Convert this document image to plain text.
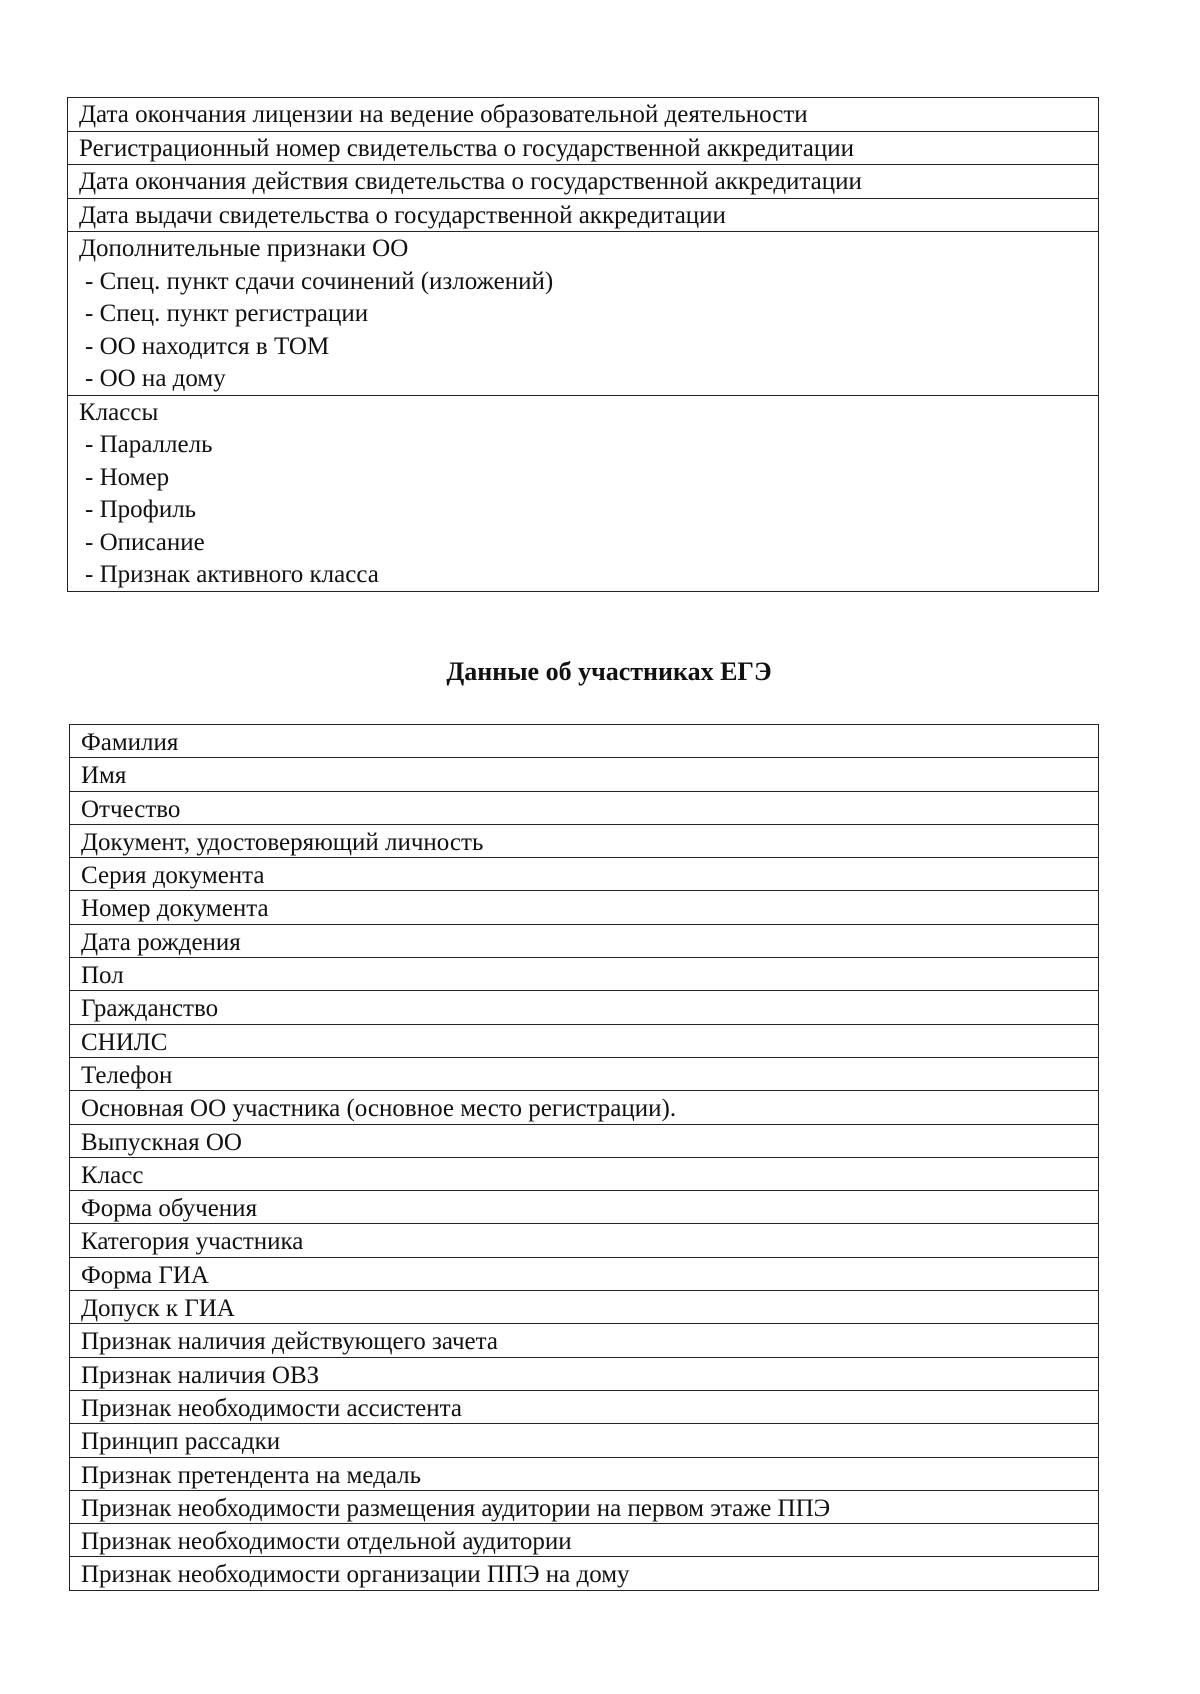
Дата окончания лицензии на ведение образовательной деятельности
Регистрационный номер свидетельства о государственной аккредитации
Дата окончания действия свидетельства о государственной аккредитации
Дата выдачи свидетельства о государственной аккредитации
Дополнительные признаки ОО
- Спец. пункт сдачи сочинений (изложений)
- Спец. пункт регистрации
- ОО находится в ТОМ
- ОО на дому
Классы
- Параллель
- Номер
- Профиль
- Описание
- Признак активного класса
Данные об участниках ЕГЭ
Фамилия
Имя
Отчество
Документ, удостоверяющий личность
Серия документа
Номер документа
Дата рождения
Пол
Гражданство
СНИЛС
Телефон
Основная ОО участника (основное место регистрации).
Выпускная ОО
Класс
Форма обучения
Категория участника
Форма ГИА
Допуск к ГИА
Признак наличия действующего зачета
Признак наличия ОВЗ
Признак необходимости ассистента
Принцип рассадки
Признак претендента на медаль
Признак необходимости размещения аудитории на первом этаже ППЭ
Признак необходимости отдельной аудитории
Признак необходимости организации ППЭ на дому
